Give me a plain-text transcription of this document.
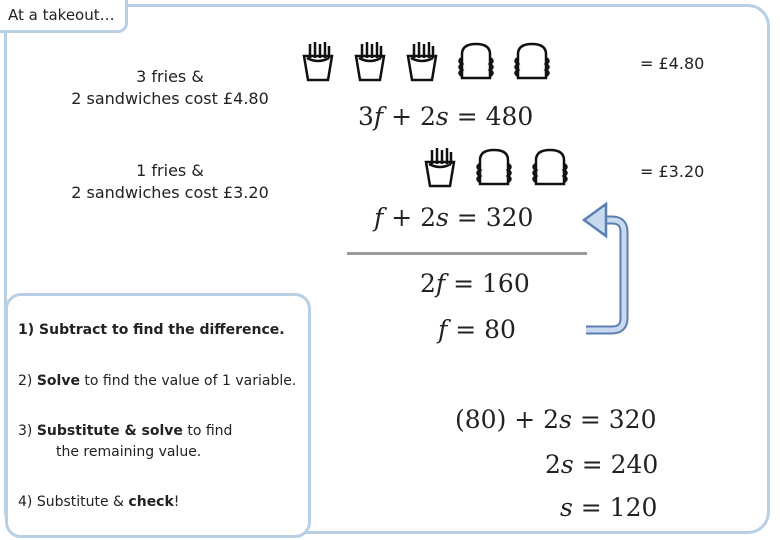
At a takeout…
3 fries &
2 sandwiches cost £4.80
= £4.80
3f + 2s = 480
1 fries &
2 sandwiches cost £3.20
= £3.20
f + 2s = 320
2f = 160
f = 80
(80) + 2s = 320
2s = 240
s = 120
1) Subtract to find the difference.
2) Solve to find the value of 1 variable.
3) Substitute & solve to find
the remaining value.
4) Substitute & check!
